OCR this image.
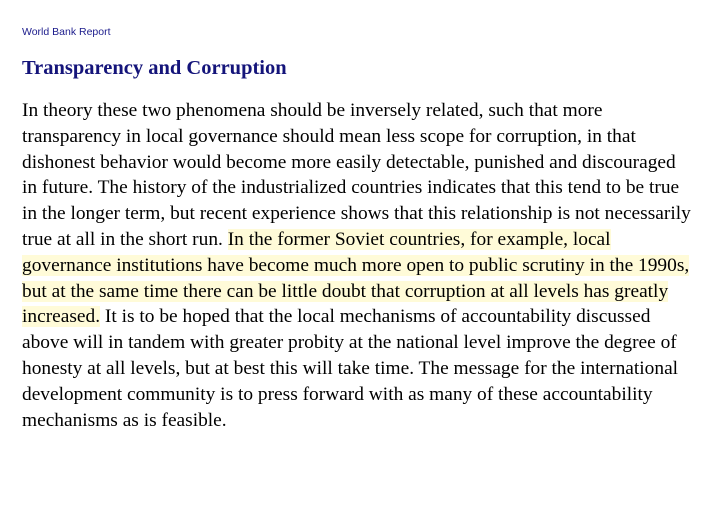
World Bank Report
Transparency and Corruption

In theory these two phenomena should be inversely related, such that more transparency in local governance should mean less scope for corruption, in that dishonest behavior would become more easily detectable, punished and discouraged in future. The history of the industrialized countries indicates that this tend to be true in the longer term, but recent experience shows that this relationship is not necessarily true at all in the short run. In the former Soviet countries, for example, local governance institutions have become much more open to public scrutiny in the 1990s, but at the same time there can be little doubt that corruption at all levels has greatly increased. It is to be hoped that the local mechanisms of accountability discussed above will in tandem with greater probity at the national level improve the degree of honesty at all levels, but at best this will take time. The message for the international development community is to press forward with as many of these accountability mechanisms as is feasible.
